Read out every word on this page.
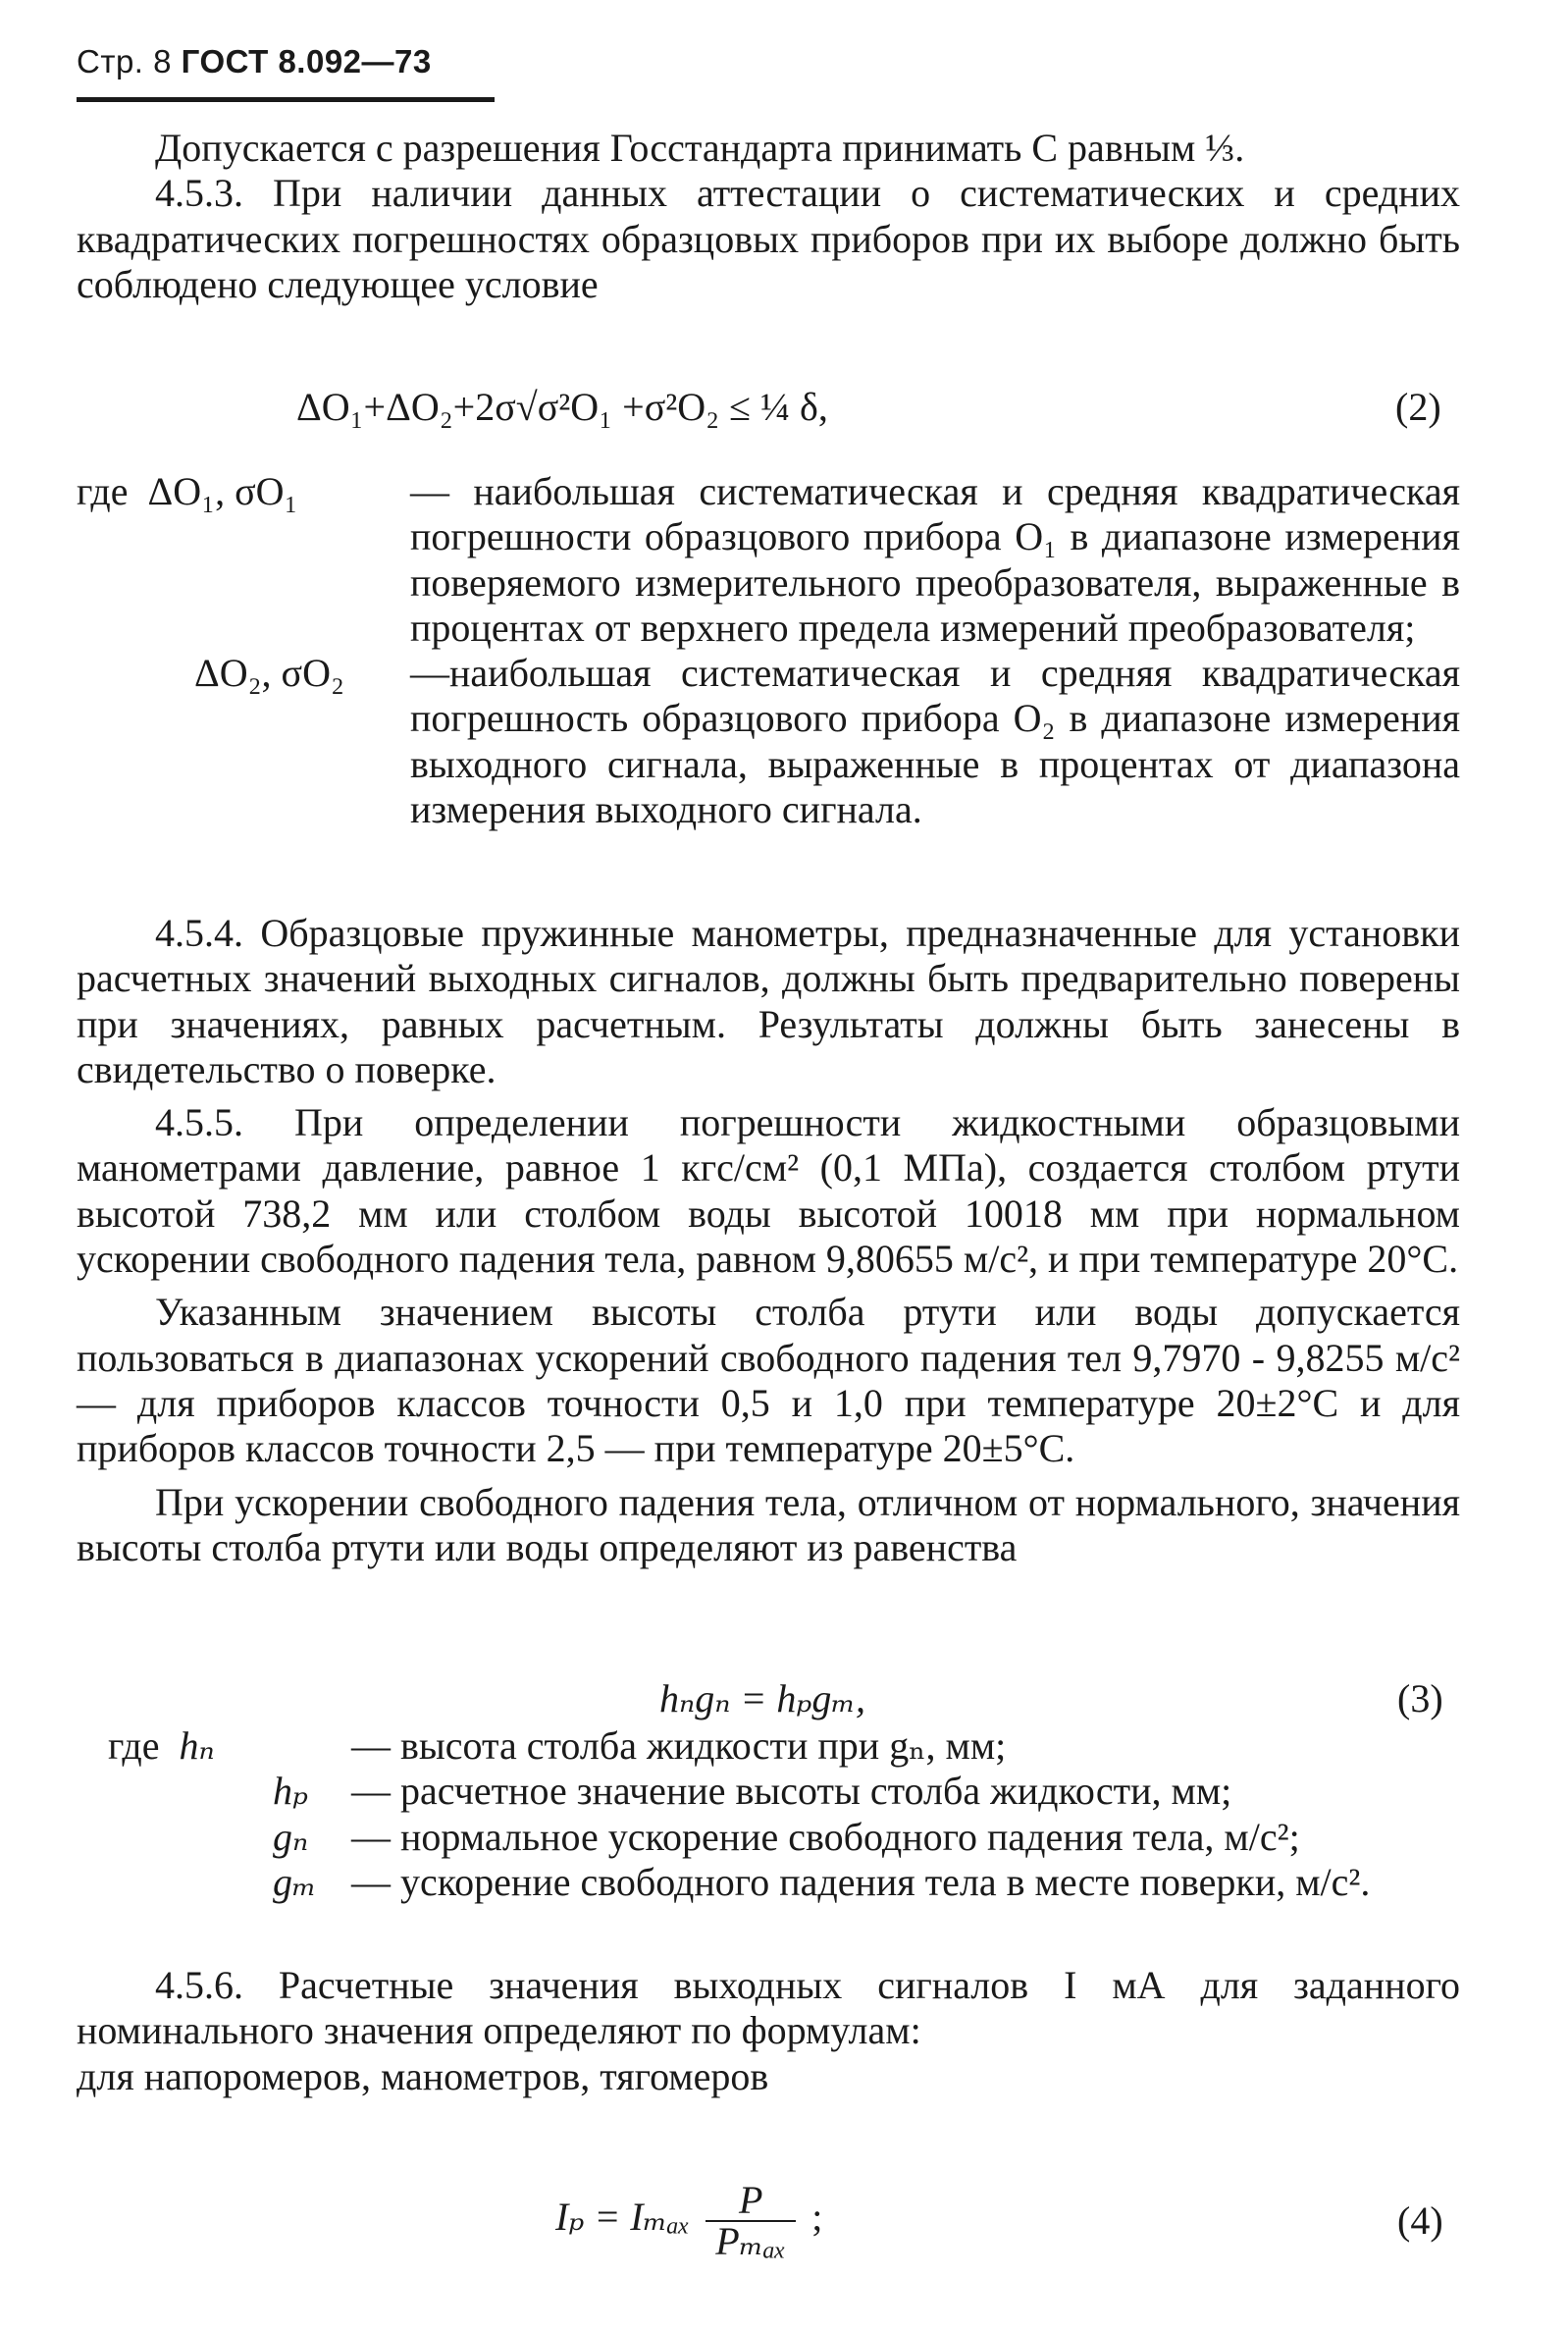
Стр. 8 ГОСТ 8.092—73

Допускается с разрешения Госстандарта принимать C равным ⅓.

4.5.3. При наличии данных аттестации о систематических и средних квадратических погрешностях образцовых приборов при их выборе должно быть соблюдено следующее условие

ΔO₁+ΔO₂+2σ√σ²O₁ +σ²O₂ ≤ ¼ δ,	(2)
где ΔO₁, σO₁	— наибольшая систематическая и средняя квадратическая погрешности образцового прибора O₁ в диапазоне измерения поверяемого измерительного преобразователя, выраженные в процентах от верхнего предела измерений преобразователя;
ΔO₂, σO₂ —наибольшая систематическая и средняя квадратическая погрешность образцового прибора O₂ в диапазоне измерения выходного сигнала, выраженные в процентах от диапазона измерения выходного сигнала.

4.5.4. Образцовые пружинные манометры, предназначенные для установки расчетных значений выходных сигналов, должны быть предварительно поверены при значениях, равных расчетным. Результаты должны быть занесены в свидетельство о поверке.

4.5.5. При определении погрешности жидкостными образцовыми манометрами давление, равное 1 кгс/см² (0,1 МПа), создается столбом ртути высотой 738,2 мм или столбом воды высотой 10018 мм при нормальном ускорении свободного падения тела, равном 9,80655 м/с², и при температуре 20°С.

Указанным значением высоты столба ртути или воды допускается пользоваться в диапазонах ускорений свободного падения тел 9,7970 - 9,8255 м/с² — для приборов классов точности 0,5 и 1,0 при температуре 20±2°С и для приборов классов точности 2,5 — при температуре 20±5°С.

При ускорении свободного падения тела, отличном от нормального, значения высоты столба ртути или воды определяют из равенства

hₙgₙ = hₚgₘ,	(3)
где hₙ	— высота столба жидкости при gₙ, мм;
hₚ — расчетное значение высоты столба жидкости, мм;
gₙ — нормальное ускорение свободного падения тела, м/с²;
gₘ — ускорение свободного падения тела в месте поверки, м/с².

4.5.6. Расчетные значения выходных сигналов I мА для заданного номинального значения определяют по формулам:

для напоромеров, манометров, тягомеров

Iₚ = Iₘₐₓ	P
Pₘₐₓ
;	(4)
